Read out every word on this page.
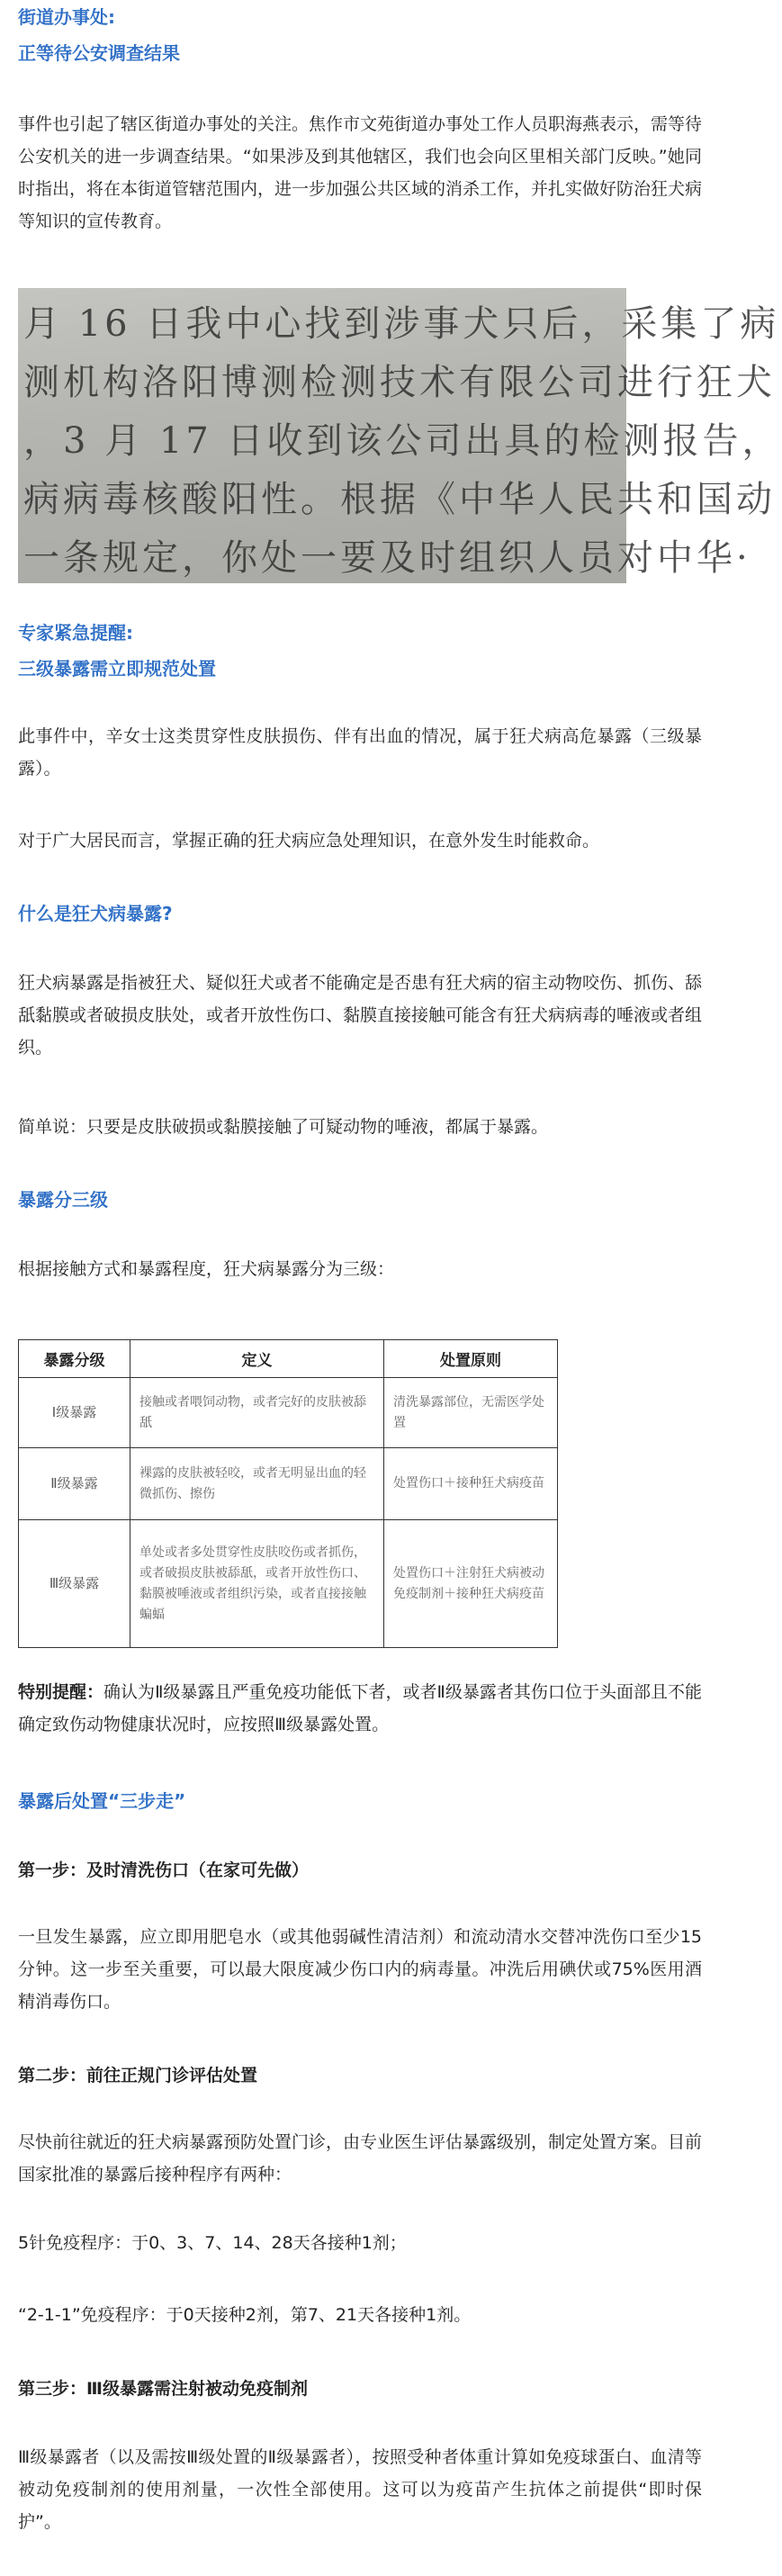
街道办事处:
正等待公安调查结果
事件也引起了辖区街道办事处的关注。焦作市文苑街道办事处工作人员职海燕表示，需等待公安机关的进一步调查结果。“如果涉及到其他辖区，我们也会向区里相关部门反映。”她同时指出，将在本街道管辖范围内，进一步加强公共区域的消杀工作，并扎实做好防治狂犬病等知识的宣传教育。
月 16 日我中心找到涉事犬只后，采集了病
测机构洛阳博测检测技术有限公司进行狂犬
，3 月 17 日收到该公司出具的检测报告，
病病毒核酸阳性。根据《中华人民共和国动
一条规定，你处一要及时组织人员对中华·
专家紧急提醒:
三级暴露需立即规范处置
此事件中，辛女士这类贯穿性皮肤损伤、伴有出血的情况，属于狂犬病高危暴露（三级暴露）。
对于广大居民而言，掌握正确的狂犬病应急处理知识，在意外发生时能救命。
什么是狂犬病暴露?
狂犬病暴露是指被狂犬、疑似狂犬或者不能确定是否患有狂犬病的宿主动物咬伤、抓伤、舔舐黏膜或者破损皮肤处，或者开放性伤口、黏膜直接接触可能含有狂犬病病毒的唾液或者组织。
简单说：只要是皮肤破损或黏膜接触了可疑动物的唾液，都属于暴露。
暴露分三级
根据接触方式和暴露程度，狂犬病暴露分为三级：
暴露分级	定义	处置原则
Ⅰ级暴露	接触或者喂饲动物，或者完好的皮肤被舔舐	清洗暴露部位，无需医学处置
Ⅱ级暴露	裸露的皮肤被轻咬，或者无明显出血的轻微抓伤、擦伤	处置伤口＋接种狂犬病疫苗
Ⅲ级暴露	单处或者多处贯穿性皮肤咬伤或者抓伤，或者破损皮肤被舔舐，或者开放性伤口、黏膜被唾液或者组织污染，或者直接接触蝙蝠	处置伤口＋注射狂犬病被动免疫制剂＋接种狂犬病疫苗
特别提醒：确认为Ⅱ级暴露且严重免疫功能低下者，或者Ⅱ级暴露者其伤口位于头面部且不能确定致伤动物健康状况时，应按照Ⅲ级暴露处置。
暴露后处置“三步走”
第一步：及时清洗伤口（在家可先做）
一旦发生暴露，应立即用肥皂水（或其他弱碱性清洁剂）和流动清水交替冲洗伤口至少15分钟。这一步至关重要，可以最大限度减少伤口内的病毒量。冲洗后用碘伏或75%医用酒精消毒伤口。
第二步：前往正规门诊评估处置
尽快前往就近的狂犬病暴露预防处置门诊，由专业医生评估暴露级别，制定处置方案。目前国家批准的暴露后接种程序有两种：
5针免疫程序：于0、3、7、14、28天各接种1剂；
“2-1-1”免疫程序：于0天接种2剂，第7、21天各接种1剂。
第三步：Ⅲ级暴露需注射被动免疫制剂
Ⅲ级暴露者（以及需按Ⅲ级处置的Ⅱ级暴露者），按照受种者体重计算如免疫球蛋白、血清等被动免疫制剂的使用剂量，一次性全部使用。这可以为疫苗产生抗体之前提供“即时保护”。
